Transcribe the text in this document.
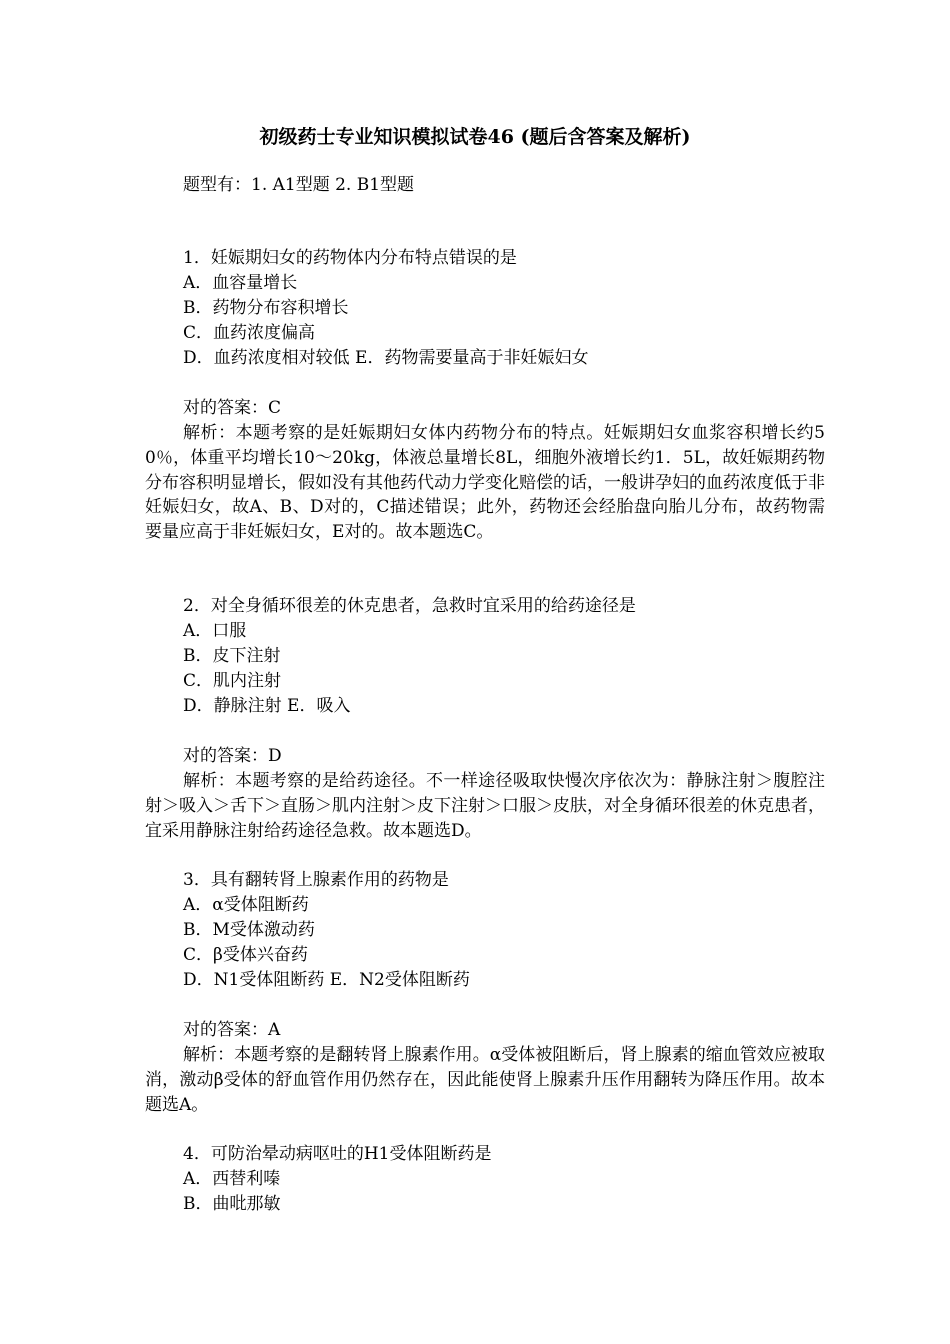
初级药士专业知识模拟试卷46 (题后含答案及解析)
题型有：1. A1型题 2. B1型题
1．妊娠期妇女的药物体内分布特点错误的是
A．血容量增长
B．药物分布容积增长
C．血药浓度偏高
D．血药浓度相对较低 E．药物需要量高于非妊娠妇女
对的答案：C
解析：本题考察的是妊娠期妇女体内药物分布的特点。妊娠期妇女血浆容积增长约50％，体重平均增长10～20kg，体液总量增长8L，细胞外液增长约1．5L，故妊娠期药物分布容积明显增长，假如没有其他药代动力学变化赔偿的话，一般讲孕妇的血药浓度低于非妊娠妇女，故A、B、D对的，C描述错误；此外，药物还会经胎盘向胎儿分布，故药物需要量应高于非妊娠妇女，E对的。故本题选C。
2．对全身循环很差的休克患者，急救时宜采用的给药途径是
A．口服
B．皮下注射
C．肌内注射
D．静脉注射 E．吸入
对的答案：D
解析：本题考察的是给药途径。不一样途径吸取快慢次序依次为：静脉注射＞腹腔注射＞吸入＞舌下＞直肠＞肌内注射＞皮下注射＞口服＞皮肤，对全身循环很差的休克患者，宜采用静脉注射给药途径急救。故本题选D。
3．具有翻转肾上腺素作用的药物是
A．α受体阻断药
B．M受体激动药
C．β受体兴奋药
D．N1受体阻断药 E．N2受体阻断药
对的答案：A
解析：本题考察的是翻转肾上腺素作用。α受体被阻断后，肾上腺素的缩血管效应被取消，激动β受体的舒血管作用仍然存在，因此能使肾上腺素升压作用翻转为降压作用。故本题选A。
4．可防治晕动病呕吐的H1受体阻断药是
A．西替利嗪
B．曲吡那敏
